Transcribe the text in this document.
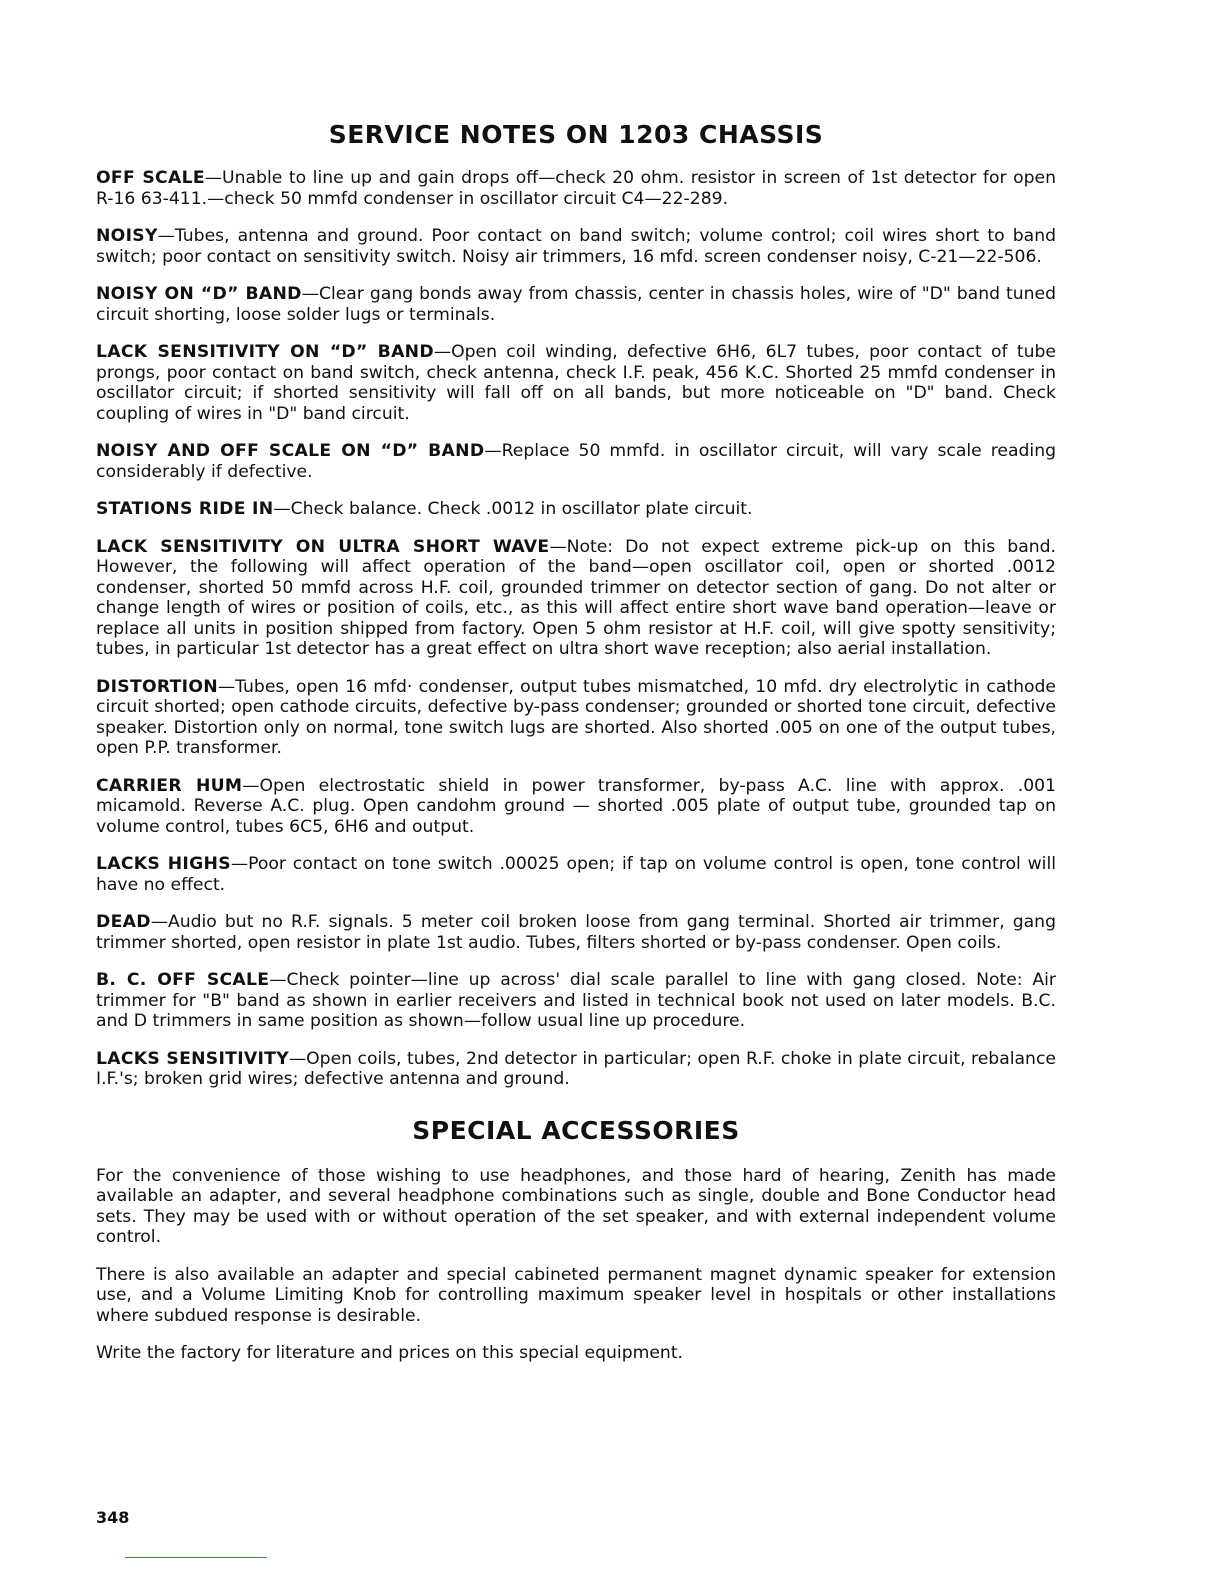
SERVICE NOTES ON 1203 CHASSIS

OFF SCALE—Unable to line up and gain drops off—check 20 ohm. resistor in screen of 1st detector for open R-16 63-411.—check 50 mmfd condenser in oscillator circuit C4—22-289.

NOISY—Tubes, antenna and ground. Poor contact on band switch; volume control; coil wires short to band switch; poor contact on sensitivity switch. Noisy air trimmers, 16 mfd. screen condenser noisy, C-21—22-506.

NOISY ON “D” BAND—Clear gang bonds away from chassis, center in chassis holes, wire of "D" band tuned circuit shorting, loose solder lugs or terminals.

LACK SENSITIVITY ON “D” BAND—Open coil winding, defective 6H6, 6L7 tubes, poor contact of tube prongs, poor contact on band switch, check antenna, check I.F. peak, 456 K.C. Shorted 25 mmfd condenser in oscillator circuit; if shorted sensitivity will fall off on all bands, but more noticeable on "D" band. Check coupling of wires in "D" band circuit.

NOISY AND OFF SCALE ON “D” BAND—Replace 50 mmfd. in oscillator circuit, will vary scale reading considerably if defective.

STATIONS RIDE IN—Check balance. Check .0012 in oscillator plate circuit.

LACK SENSITIVITY ON ULTRA SHORT WAVE—Note: Do not expect extreme pick-up on this band. However, the following will affect operation of the band—open oscillator coil, open or shorted .0012 condenser, shorted 50 mmfd across H.F. coil, grounded trimmer on detector section of gang. Do not alter or change length of wires or position of coils, etc., as this will affect entire short wave band operation—leave or replace all units in position shipped from factory. Open 5 ohm resistor at H.F. coil, will give spotty sensitivity; tubes, in particular 1st detector has a great effect on ultra short wave reception; also aerial installation.

DISTORTION—Tubes, open 16 mfd· condenser, output tubes mismatched, 10 mfd. dry electrolytic in cathode circuit shorted; open cathode circuits, defective by-pass condenser; grounded or shorted tone circuit, defective speaker. Distortion only on normal, tone switch lugs are shorted. Also shorted .005 on one of the output tubes, open P.P. transformer.

CARRIER HUM—Open electrostatic shield in power transformer, by-pass A.C. line with approx. .001 micamold. Reverse A.C. plug. Open candohm ground — shorted .005 plate of output tube, grounded tap on volume control, tubes 6C5, 6H6 and output.

LACKS HIGHS—Poor contact on tone switch .00025 open; if tap on volume control is open, tone control will have no effect.

DEAD—Audio but no R.F. signals. 5 meter coil broken loose from gang terminal. Shorted air trimmer, gang trimmer shorted, open resistor in plate 1st audio. Tubes, filters shorted or by-pass condenser. Open coils.

B. C. OFF SCALE—Check pointer—line up across' dial scale parallel to line with gang closed. Note: Air trimmer for "B" band as shown in earlier receivers and listed in technical book not used on later models. B.C. and D trimmers in same position as shown—follow usual line up procedure.

LACKS SENSITIVITY—Open coils, tubes, 2nd detector in particular; open R.F. choke in plate circuit, rebalance I.F.'s; broken grid wires; defective antenna and ground.

SPECIAL ACCESSORIES

For the convenience of those wishing to use headphones, and those hard of hearing, Zenith has made available an adapter, and several headphone combinations such as single, double and Bone Conductor head sets. They may be used with or without operation of the set speaker, and with external independent volume control.

There is also available an adapter and special cabineted permanent magnet dynamic speaker for extension use, and a Volume Limiting Knob for controlling maximum speaker level in hospitals or other installations where subdued response is desirable.

Write the factory for literature and prices on this special equipment.

348
